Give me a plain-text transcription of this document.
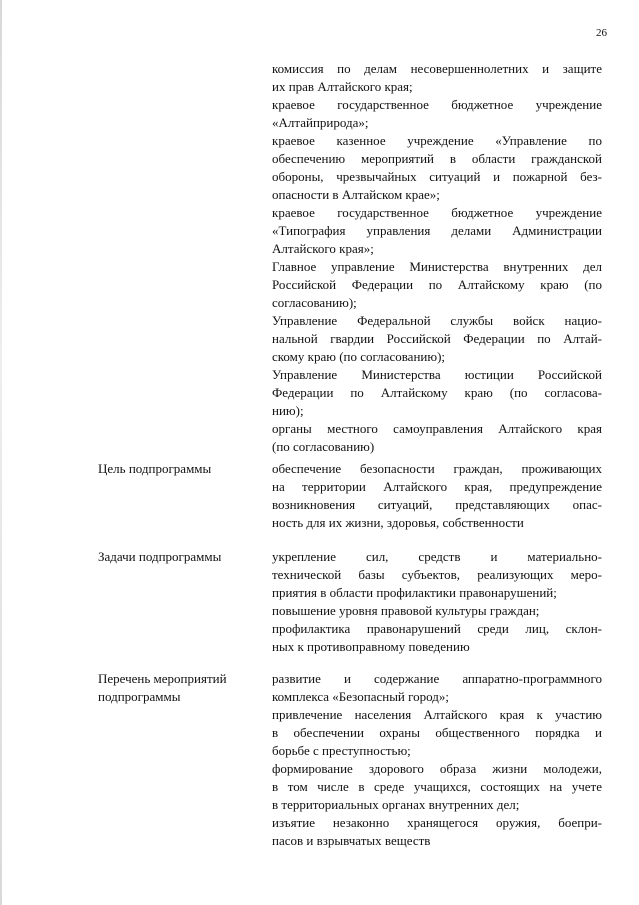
26
комиссия по делам несовершеннолетних и защите
их прав Алтайского края;
краевое государственное бюджетное учреждение
«Алтайприрода»;
краевое казенное учреждение «Управление по
обеспечению мероприятий в области гражданской
обороны, чрезвычайных ситуаций и пожарной без-
опасности в Алтайском крае»;
краевое государственное бюджетное учреждение
«Типография управления делами Администрации
Алтайского края»;
Главное управление Министерства внутренних дел
Российской Федерации по Алтайскому краю (по
согласованию);
Управление Федеральной службы войск нацио-
нальной гвардии Российской Федерации по Алтай-
скому краю (по согласованию);
Управление Министерства юстиции Российской
Федерации по Алтайскому краю (по согласова-
нию);
органы местного самоуправления Алтайского края
(по согласованию)
Цель подпрограммы	обеспечение безопасности граждан, проживающих
на территории Алтайского края, предупреждение
возникновения ситуаций, представляющих опас-
ность для их жизни, здоровья, собственности
Задачи подпрограммы	укрепление сил, средств и материально-
технической базы субъектов, реализующих меро-
приятия в области профилактики правонарушений;
повышение уровня правовой культуры граждан;
профилактика правонарушений среди лиц, склон-
ных к противоправному поведению
Перечень мероприятий
подпрограммы
развитие и содержание аппаратно-программного
комплекса «Безопасный город»;
привлечение населения Алтайского края к участию
в обеспечении охраны общественного порядка и
борьбе с преступностью;
формирование здорового образа жизни молодежи,
в том числе в среде учащихся, состоящих на учете
в территориальных органах внутренних дел;
изъятие незаконно хранящегося оружия, боепри-
пасов и взрывчатых веществ
